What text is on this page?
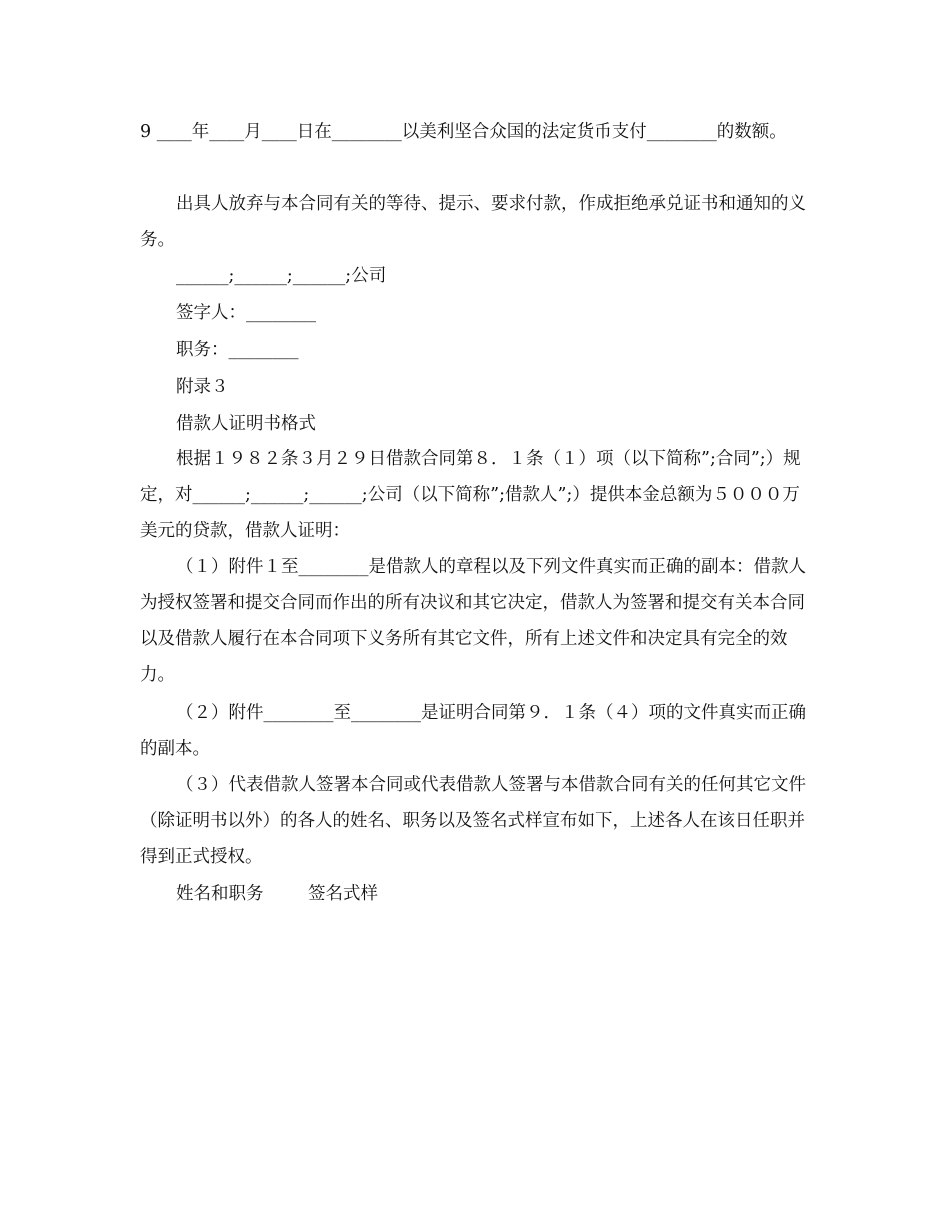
9 ____年____月____日在________以美利坚合众国的法定货币支付________的数额。

出具人放弃与本合同有关的等待、提示、要求付款，作成拒绝承兑证书和通知的义务。

______;______;______;公司

签字人：________

职务：________

附录３

借款人证明书格式

根据１９８２条３月２９日借款合同第８．１条（１）项（以下简称”;合同”;）规定，对______;______;______;公司（以下简称”;借款人”;）提供本金总额为５０００万美元的贷款，借款人证明：

（１）附件１至________是借款人的章程以及下列文件真实而正确的副本：借款人为授权签署和提交合同而作出的所有决议和其它决定，借款人为签署和提交有关本合同以及借款人履行在本合同项下义务所有其它文件，所有上述文件和决定具有完全的效力。

（２）附件________至________是证明合同第９．１条（４）项的文件真实而正确的副本。

（３）代表借款人签署本合同或代表借款人签署与本借款合同有关的任何其它文件（除证明书以外）的各人的姓名、职务以及签名式样宣布如下，上述各人在该日任职并得到正式授权。

姓名和职务	签名式样
